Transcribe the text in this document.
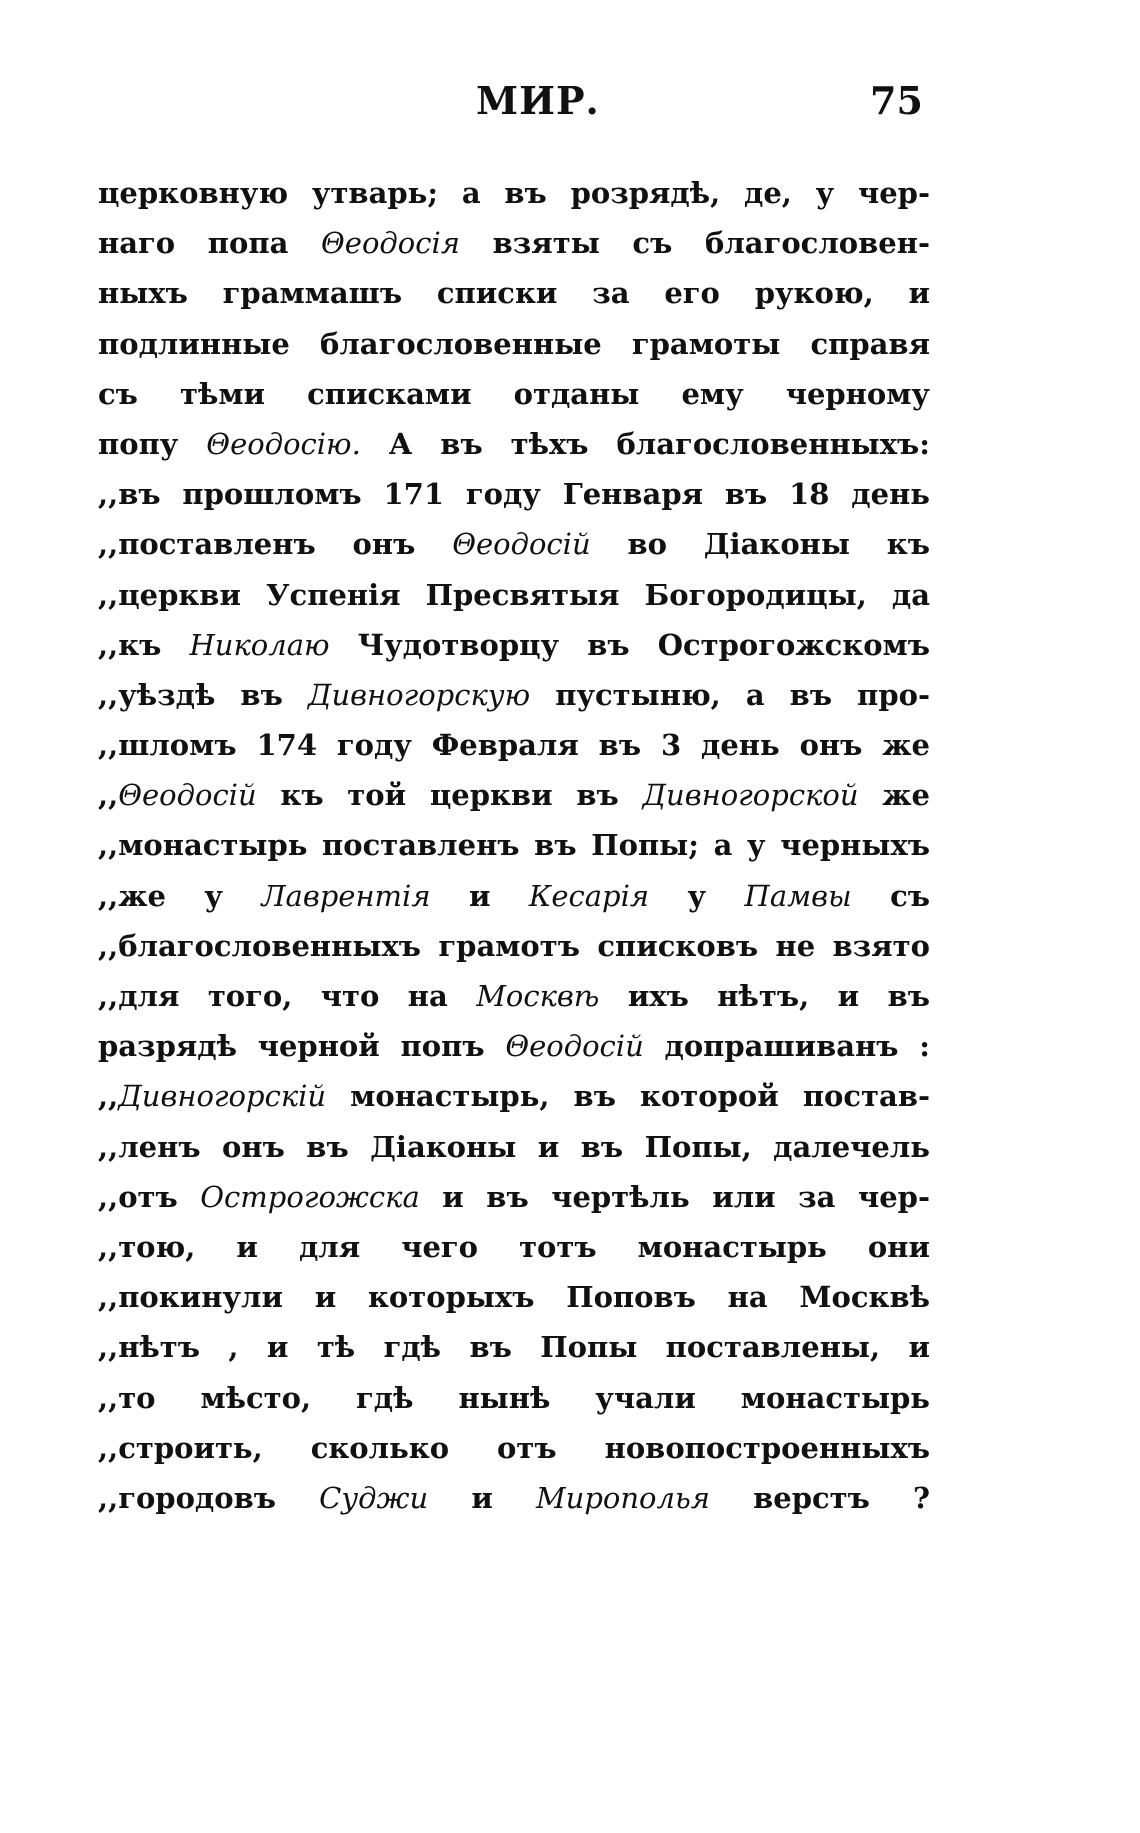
МИР.	75
церковную утварь; а въ розрядѣ, де, у чер-
наго попа Θеодосія взяты съ благословен-
ныхъ граммашъ списки за его рукою, и
подлинные благословенные грамоты справя
съ тѣми списками отданы ему черному
попу Θеодосію. А въ тѣхъ благословенныхъ:
,,въ прошломъ 171 году Генваря въ 18 день
,,поставленъ онъ Θеодосій во Діаконы къ
,,церкви Успенія Пресвятыя Богородицы, да
,,къ Николаю Чудотворцу въ Острогожскомъ
,,уѣздѣ въ Дивногорскую пустыню, а въ про-
,,шломъ 174 году Февраля въ 3 день онъ же
,,Θеодосій къ той церкви въ Дивногорской же
,,монастырь поставленъ въ Попы; а у черныхъ
,,же у Лаврентія и Кесарія у Памвы съ
,,благословенныхъ грамотъ списковъ не взято
,,для того, что на Москвѣ ихъ нѣтъ, и въ
разрядѣ черной попъ Θеодосій допрашиванъ :
,,Дивногорскій монастырь, въ которой постав-
,,ленъ онъ въ Діаконы и въ Попы, далечель
,,отъ Острогожска и въ чертѣль или за чер-
,,тою, и для чего тотъ монастырь они
,,покинули и которыхъ Поповъ на Москвѣ
,,нѣтъ , и тѣ гдѣ въ Попы поставлены, и
,,то мѣсто, гдѣ нынѣ учали монастырь
,,строить, сколько отъ новопостроенныхъ
,,городовъ Суджи и Мирополья верстъ ?
